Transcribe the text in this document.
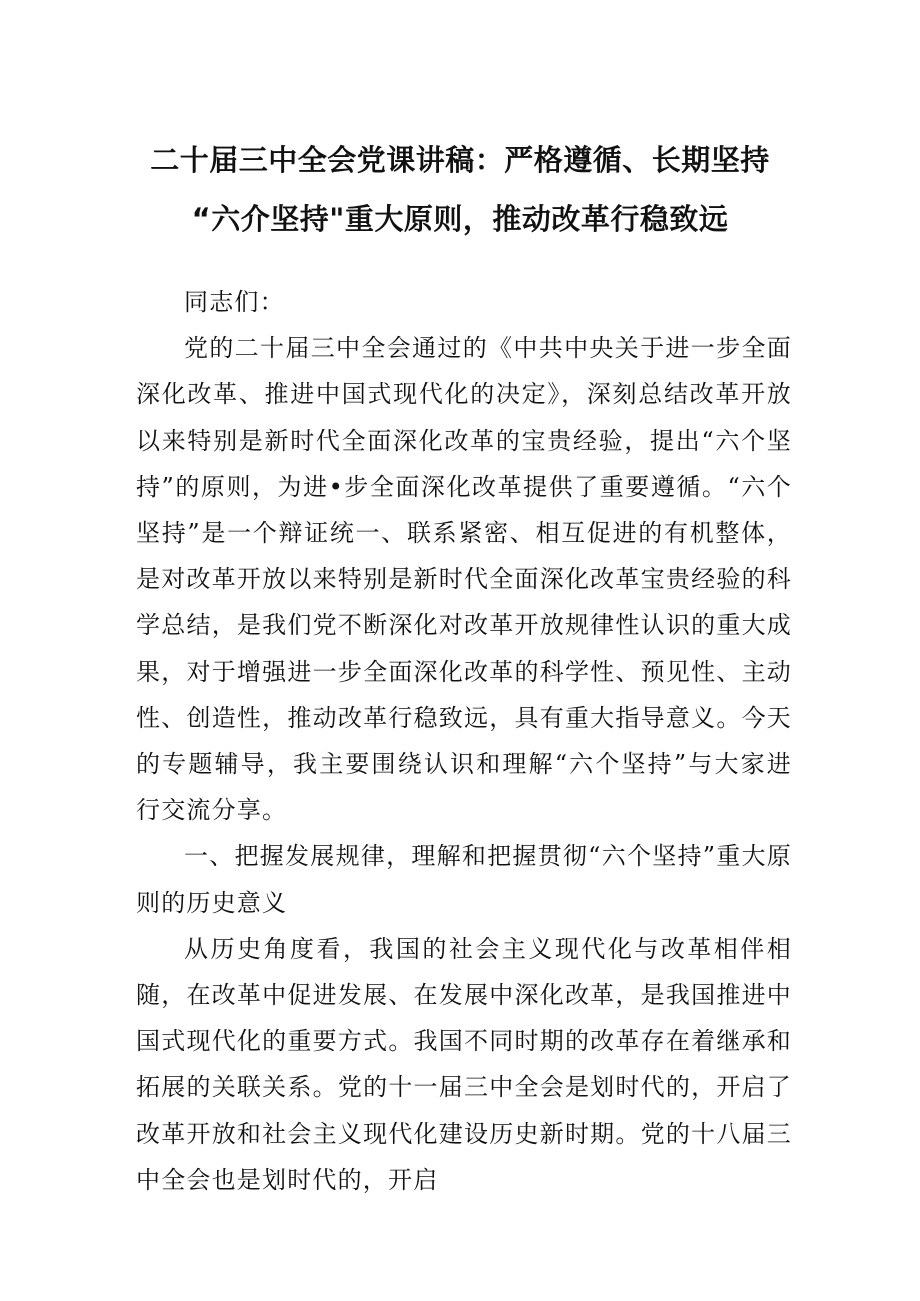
二十届三中全会党课讲稿：严格遵循、长期坚持
“六介坚持"重大原则，推动改革行稳致远

同志们：

党的二十届三中全会通过的《中共中央关于进一步全面深化改革、推进中国式现代化的决定》，深刻总结改革开放以来特别是新时代全面深化改革的宝贵经验，提出“六个坚持”的原则，为进•步全面深化改革提供了重要遵循。“六个坚持”是一个辩证统一、联系紧密、相互促进的有机整体，是对改革开放以来特别是新时代全面深化改革宝贵经验的科学总结，是我们党不断深化对改革开放规律性认识的重大成果，对于增强进一步全面深化改革的科学性、预见性、主动性、创造性，推动改革行稳致远，具有重大指导意义。今天的专题辅导，我主要围绕认识和理解“六个坚持”与大家进行交流分享。

一、把握发展规律，理解和把握贯彻“六个坚持”重大原则的历史意义

从历史角度看，我国的社会主义现代化与改革相伴相随，在改革中促进发展、在发展中深化改革，是我国推进中国式现代化的重要方式。我国不同时期的改革存在着继承和拓展的关联关系。党的十一届三中全会是划时代的，开启了改革开放和社会主义现代化建设历史新时期。党的十八届三中全会也是划时代的，开启
